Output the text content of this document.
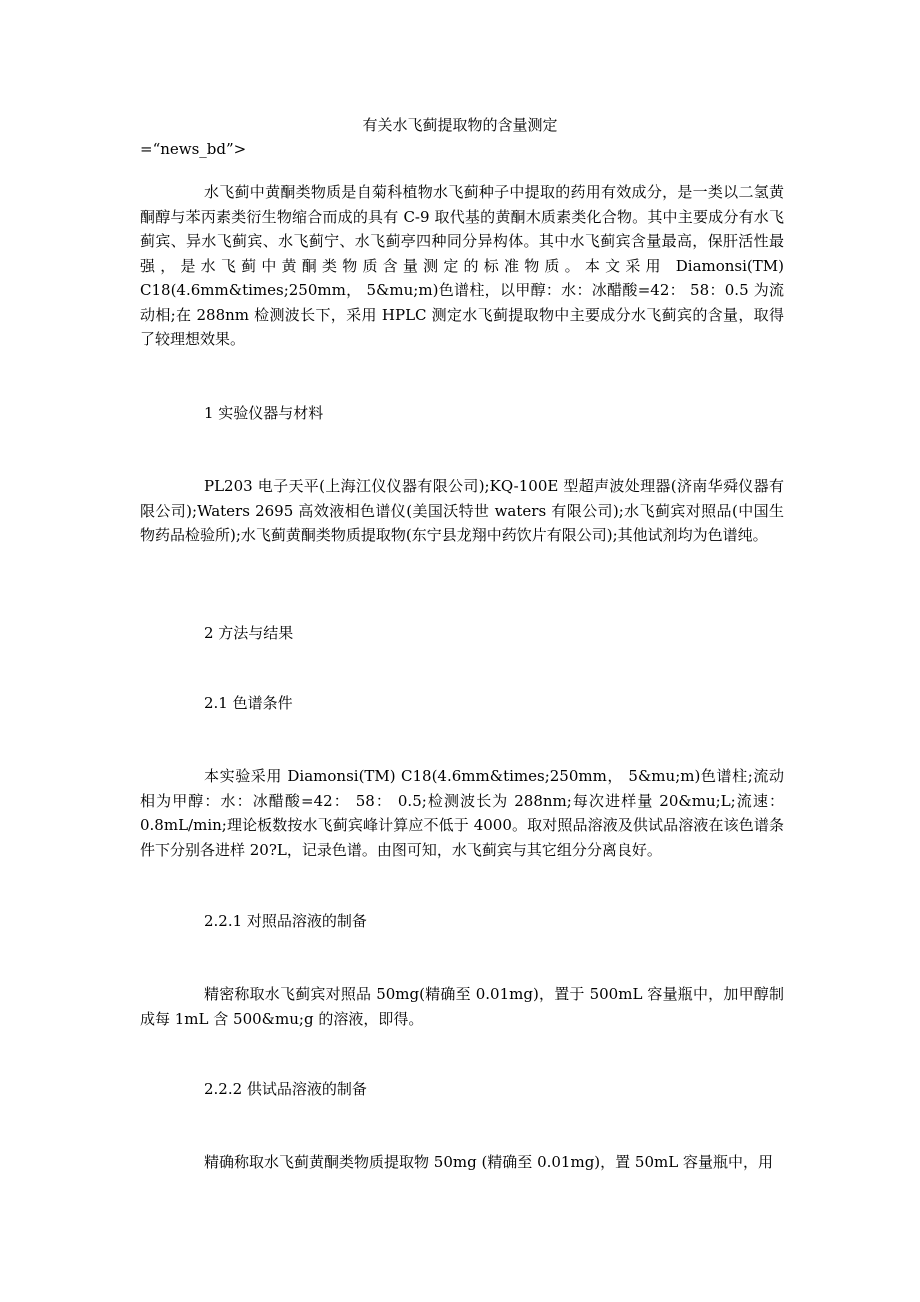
有关水飞蓟提取物的含量测定
=“news_bd”>

水飞蓟中黄酮类物质是自菊科植物水飞蓟种子中提取的药用有效成分，是一类以二氢黄酮醇与苯丙素类衍生物缩合而成的具有 C-9 取代基的黄酮木质素类化合物。其中主要成分有水飞蓟宾、异水飞蓟宾、水飞蓟宁、水飞蓟亭四种同分异构体。其中水飞蓟宾含量最高，保肝活性最强，是水飞蓟中黄酮类物质含量测定的标准物质。本文采用 Diamonsi(TM) C18(4.6mm&times;250mm， 5&mu;m)色谱柱，以甲醇：水：冰醋酸=42： 58：0.5 为流动相;在 288nm 检测波长下，采用 HPLC 测定水飞蓟提取物中主要成分水飞蓟宾的含量，取得了较理想效果。

1 实验仪器与材料

PL203 电子天平(上海江仪仪器有限公司);KQ-100E 型超声波处理器(济南华舜仪器有限公司);Waters 2695 高效液相色谱仪(美国沃特世 waters 有限公司);水飞蓟宾对照品(中国生物药品检验所);水飞蓟黄酮类物质提取物(东宁县龙翔中药饮片有限公司);其他试剂均为色谱纯。

2 方法与结果

2.1 色谱条件

本实验采用 Diamonsi(TM) C18(4.6mm&times;250mm， 5&mu;m)色谱柱;流动相为甲醇：水：冰醋酸=42： 58： 0.5;检测波长为 288nm;每次进样量 20&mu;L;流速： 0.8mL/min;理论板数按水飞蓟宾峰计算应不低于 4000。取对照品溶液及供试品溶液在该色谱条件下分别各进样 20?L，记录色谱。由图可知，水飞蓟宾与其它组分分离良好。

2.2.1 对照品溶液的制备

精密称取水飞蓟宾对照品 50mg(精确至 0.01mg)，置于 500mL 容量瓶中，加甲醇制成每 1mL 含 500&mu;g 的溶液，即得。

2.2.2 供试品溶液的制备

精确称取水飞蓟黄酮类物质提取物 50mg (精确至 0.01mg)，置 50mL 容量瓶中，用
